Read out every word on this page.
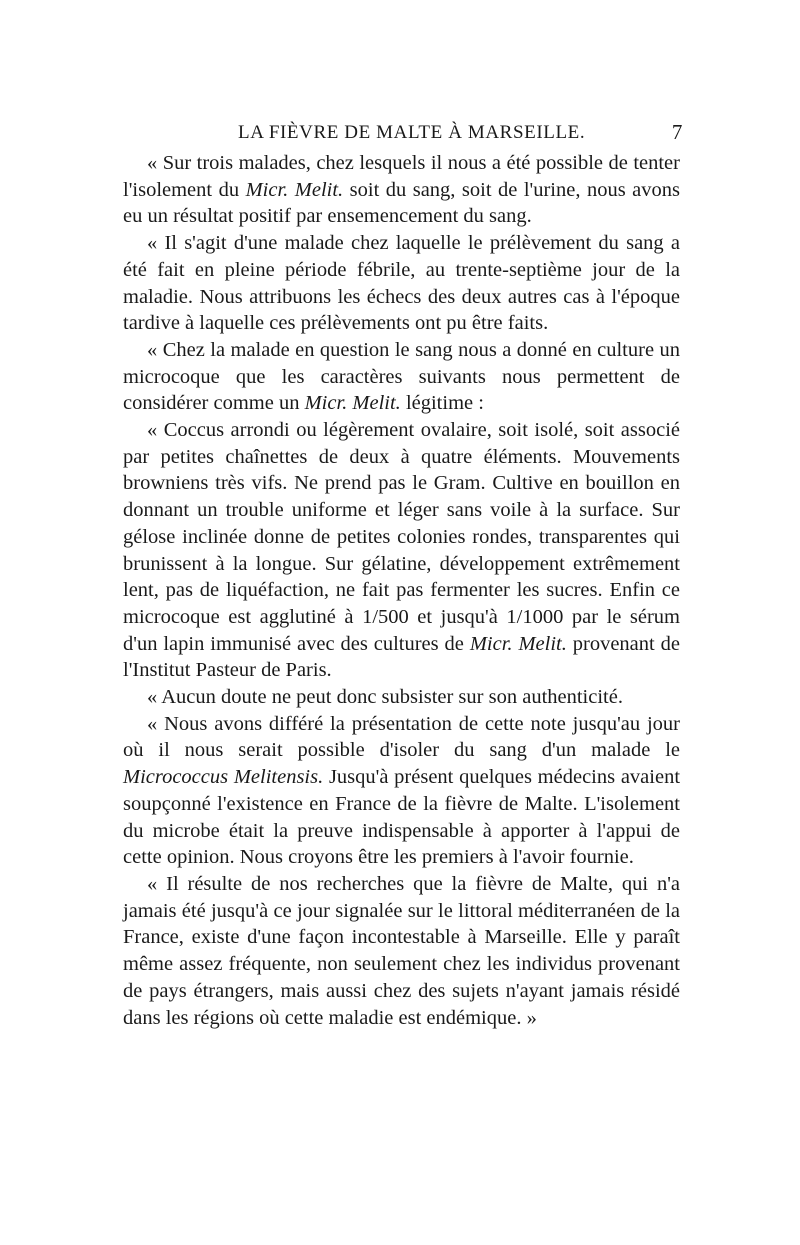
LA FIÈVRE DE MALTE À MARSEILLE.	7

« Sur trois malades, chez lesquels il nous a été possible de tenter l'isolement du Micr. Melit. soit du sang, soit de l'urine, nous avons eu un résultat positif par ensemencement du sang.

« Il s'agit d'une malade chez laquelle le prélèvement du sang a été fait en pleine période fébrile, au trente-septième jour de la maladie. Nous attribuons les échecs des deux autres cas à l'époque tardive à laquelle ces prélèvements ont pu être faits.

« Chez la malade en question le sang nous a donné en culture un microcoque que les caractères suivants nous permettent de considérer comme un Micr. Melit. légitime :

« Coccus arrondi ou légèrement ovalaire, soit isolé, soit associé par petites chaînettes de deux à quatre éléments. Mouvements browniens très vifs. Ne prend pas le Gram. Cultive en bouillon en donnant un trouble uniforme et léger sans voile à la surface. Sur gélose inclinée donne de petites colonies rondes, transparentes qui brunissent à la longue. Sur gélatine, développement extrêmement lent, pas de liquéfaction, ne fait pas fermenter les sucres. Enfin ce microcoque est agglutiné à 1/500 et jusqu'à 1/1000 par le sérum d'un lapin immunisé avec des cultures de Micr. Melit. provenant de l'Institut Pasteur de Paris.

« Aucun doute ne peut donc subsister sur son authenticité.

« Nous avons différé la présentation de cette note jusqu'au jour où il nous serait possible d'isoler du sang d'un malade le Micrococcus Melitensis. Jusqu'à présent quelques médecins avaient soupçonné l'existence en France de la fièvre de Malte. L'isolement du microbe était la preuve indispensable à apporter à l'appui de cette opinion. Nous croyons être les premiers à l'avoir fournie.

« Il résulte de nos recherches que la fièvre de Malte, qui n'a jamais été jusqu'à ce jour signalée sur le littoral méditerranéen de la France, existe d'une façon incontestable à Marseille. Elle y paraît même assez fréquente, non seulement chez les individus provenant de pays étrangers, mais aussi chez des sujets n'ayant jamais résidé dans les régions où cette maladie est endémique. »
